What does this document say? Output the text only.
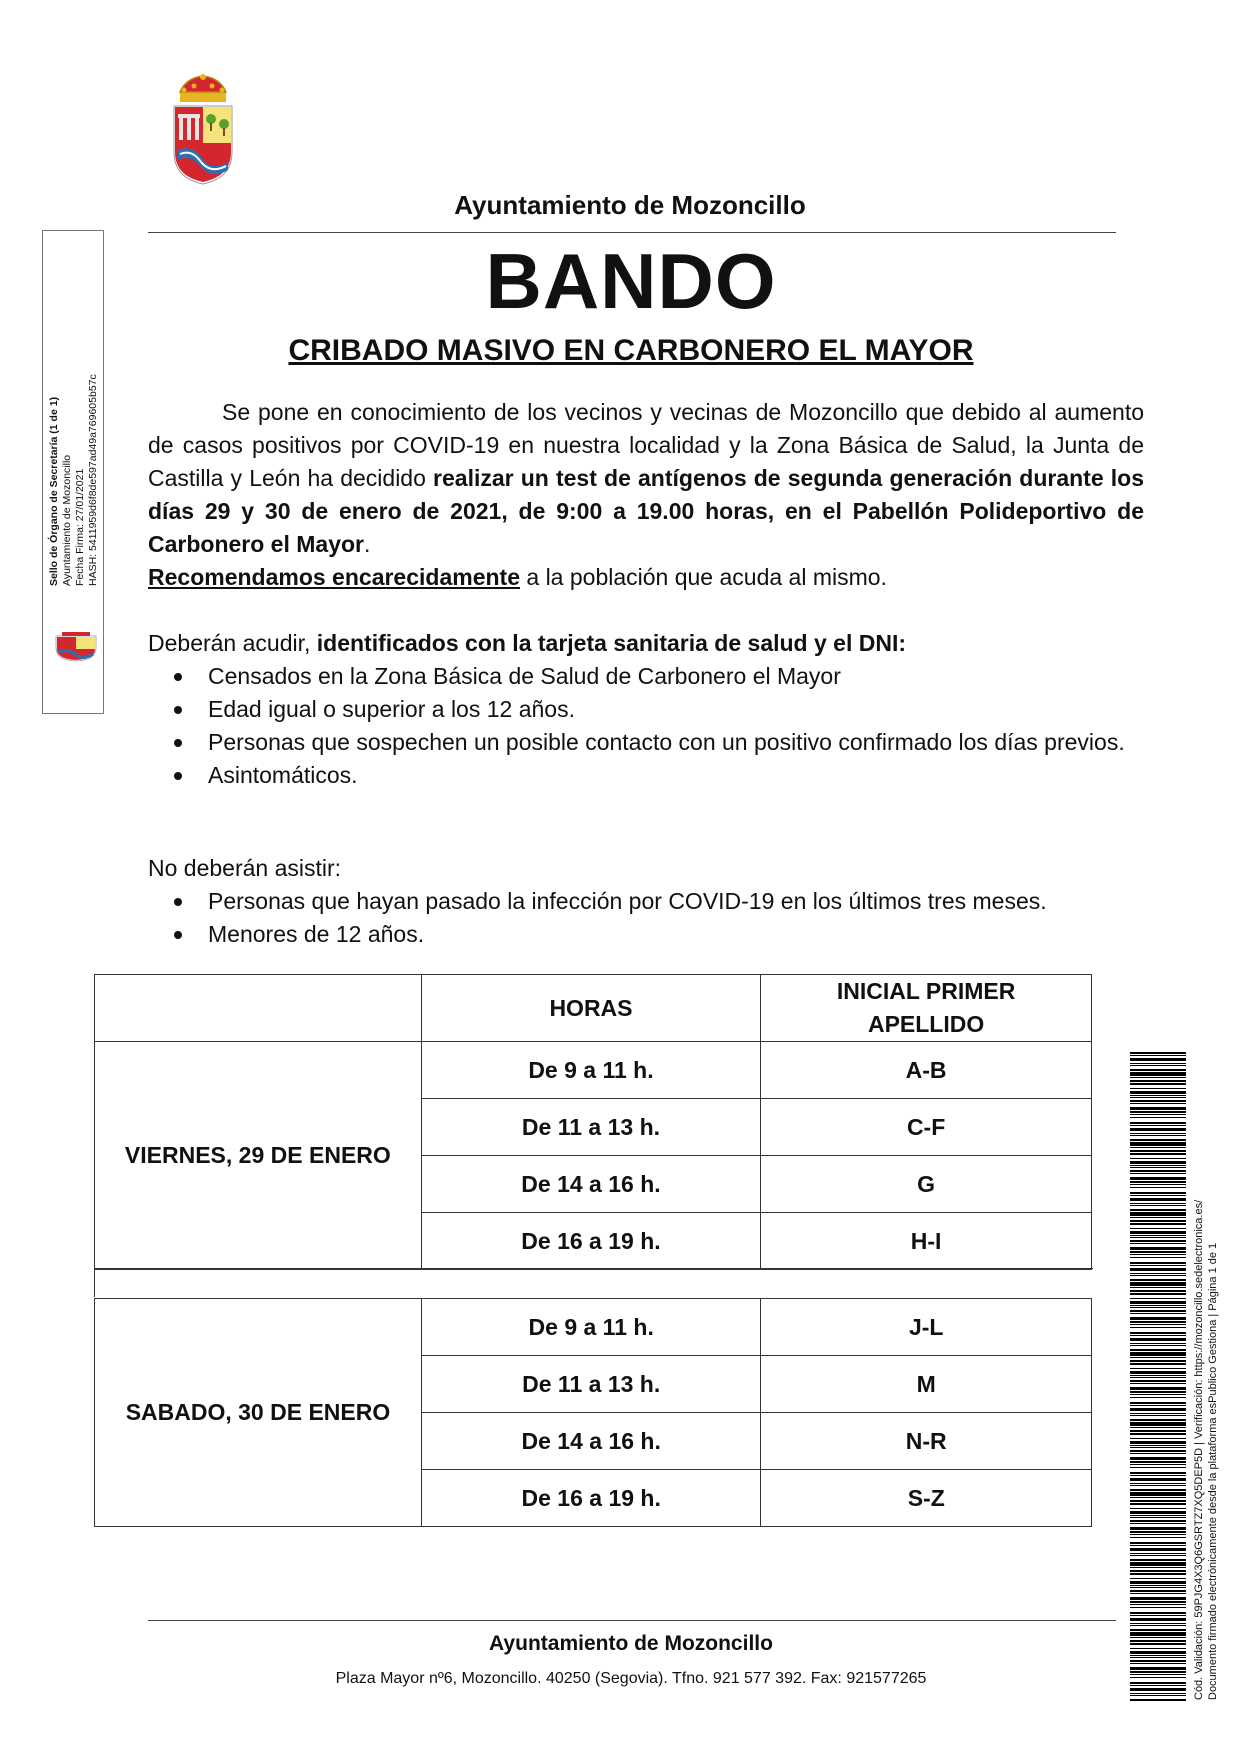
Ayuntamiento de Mozoncillo
BANDO
CRIBADO MASIVO EN CARBONERO EL MAYOR

Se pone en conocimiento de los vecinos y vecinas de Mozoncillo que debido al aumento de casos positivos por COVID-19 en nuestra localidad y la Zona Básica de Salud, la Junta de Castilla y León ha decidido realizar un test de antígenos de segunda generación durante los días 29 y 30 de enero de 2021, de 9:00 a 19.00 horas, en el Pabellón Polideportivo de Carbonero el Mayor.

Recomendamos encarecidamente a la población que acuda al mismo.

Deberán acudir, identificados con la tarjeta sanitaria de salud y el DNI:

Censados en la Zona Básica de Salud de Carbonero el Mayor
Edad igual o superior a los 12 años.
Personas que sospechen un posible contacto con un positivo confirmado los días previos.
Asintomáticos.
No deberán asistir:
Personas que hayan pasado la infección por COVID-19 en los últimos tres meses.
Menores de 12 años.
	HORAS	INICIAL PRIMER
APELLIDO

VIERNES, 29 DE ENERO	De 9 a 11 h.	A-B
	De 11 a 13 h.	C-F
	De 14 a 16 h.	G
	De 16 a 19 h.	H-I
SABADO, 30 DE ENERO	De 9 a 11 h.	J-L
	De 11 a 13 h.	M
	De 14 a 16 h.	N-R
	De 16 a 19 h.	S-Z
Ayuntamiento de Mozoncillo
Plaza Mayor nº6, Mozoncillo. 40250 (Segovia). Tfno. 921 577 392. Fax: 921577265
Sello de Órgano de Secretaría (1 de 1) Ayuntamiento de Mozoncillo Fecha Firma: 27/01/2021 HASH: 5411959d6f8de597ad49a769605b57c
Cód. Validación: 59PJG4X3Q6GSRTZ7XQ5DEP5D | Verificación: https://mozoncillo.sedelectronica.es/ Documento firmado electrónicamente desde la plataforma esPublico Gestiona | Página 1 de 1
